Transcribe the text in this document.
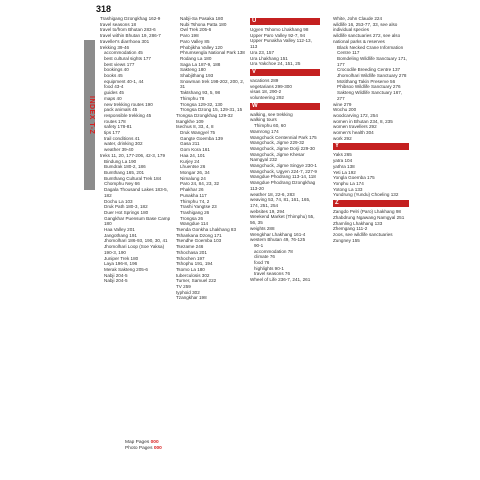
318
INDEX T-Z
Trashigang Dzongkhag 162-9
travel seasons 18
travel to/from Bhutan 283-6
travel within Bhutan 19, 286-7
traveller's diarrhoea 301
trekking 39-46
accommodation 45
best cultural sights 177
best views 177
bookings 40
books 45
equipment 40-1, 44
food 43-4
guides 45
maps 40
new trekking routes 190
pack animals 45
responsible trekking 45
routes 178
safety 178-81
tips 177
trail conditions 41
water, drinking 302
weather 39-40
treks 11, 20, 177-206, 42-3, 179
Bindung La 190
Bumdrak 180-2, 186
Bumthang 165, 201
Bumthang Cultural Trek 184
Chomphu Ney 66
Dagala Thousand Lakes 183-5, 182
Dochu La 103
Druk Path 180-3, 182
Duer Hot Springs 180
Gangkhar Puensum Base Camp 180
Haa Valley 201
Jangothang 191
Jhomolhari 186-93, 190, 30, 41
Jhomolhari Loop (Soe Yaksa) 190-3, 190
Juniper Trek 180
Laya 196-8, 196
Merak Sakteng 205-6
Nabji 204-5
Nabji 204-5
Nabji-Sa Pasaka 180
Nubi Tshona Patta 180
Owl Trek 205-6
Paro 198
Paro Valley 85
Phobjikha Valley 120
Phrumsengla National Park 138
Rodang La 180
Saga La 187-9, 188
Sakteng 180
Shabjithang 193
Snowman trek 198-202, 200, 2, 31
Taktshang 93, 5, 98
Thimphu 78
Trongsa 129-32, 130
Trongsa Dzong 15, 129-31, 15
Trongsa Dzongkhag 129-32
tsangkhe 109
tsechus 8, 33, 4, 8
Druk Wangyel 75
Gangte Goemba 139
Gasa 211
Gom Kora 161
Haa 24, 101
Kurjey 24
Lhuentse 26
Mongar 26, 34
Nimalung 24
Paro 24, 84, 23, 32
Phakhar 26
Punakha 117
Thimphu 74, 2
Trashi Yangtse 23
Trashigang 26
Trongsa 26
Wangdue 114
Tsenda Gonkha Lhakhang 83
Tshankana Dzong 171
Tsendhe Goemba 103
Tsezame 246
Tshochasa 201
Tshochen 197
Tshophu 191, 194
Tsomo La 180
tuberculosis 302
Turner, Samuel 222
TV 259
typhoid 302
Tzangkhar 198
U
Ugyen Tshomo Lhakhang 98
Upper Paro Valley 92-7, 94
Upper Punakha Valley 112-13, 113
Ura 23, 157
Ura Lhakhang 151
Ura Yakchoe 24, 151, 25
V
vacations 289
vegetarians 299-300
visas 18, 290-2
volunteering 292
W
walking, see trekking
walking tours
Thimphu 60, 60
Wamrong 174
Wangchuck Centennial Park 175
Wangchuck, Jigme 229-32
Wangchuck, Jigme Dorji 229-30
Wangchuck, Jigme Khesar Namgyal 232
Wangchuck, Jigme Singye 230-1
Wangchuck, Ugyen 224-7, 227-9
Wangdue Phodrang 113-14, 118
Wangdue Phodrang Dzongkhag 113-20
weather 18, 22-6, 283
weaving 53, 74, 81, 161, 165, 174, 251, 254
websites 19, 294
Weekend Market (Thimphu) 55, 56, 35
weights 288
Wengkhar Lhakhang 161-4
western Bhutan 49, 76-125
90-1
accommodation 78
climate 76
food 76
highlights 90-1
travel seasons 76
Wheel of Life 236-7, 241, 261
White, John Claude 224
wildlife 16, 253-77, 33, see also individual species
wildlife sanctuaries 272, see also national parks & reserves
Black Necked Crane Information Centre 117
Bomdeling Wildlife Sanctuary 171, 177
Crocodile Breeding Centre 137
Jhomolhari Wildlife Sanctuary 278
Motithang Takin Preserve 56
Phibsoo Wildlife Sanctuary 276
Sakteng Wildlife Sanctuary 167, 277
wine 279
Wochu 200
woodcarving 172, 254
women in Bhutan 234, 8, 235
women travellers 292
women's health 304
work 292
Y
Yaks 265
yatra 104
yathra 138
Yeti La 192
Yongla Goemba 175
Yonphu La 174
Yotong La 133
Yundrung (Yundu) Choeling 132
Z
Zangdo Pelri (Paro) Lhakhang 98
Zhabdrung Ngawang Namgyal 251
Zhamling Lhakhang 133
Zhemgang 111-2
zoos, see wildlife sanctuaries
Zungney 155
Map Pages 000
Photo Pages 000
